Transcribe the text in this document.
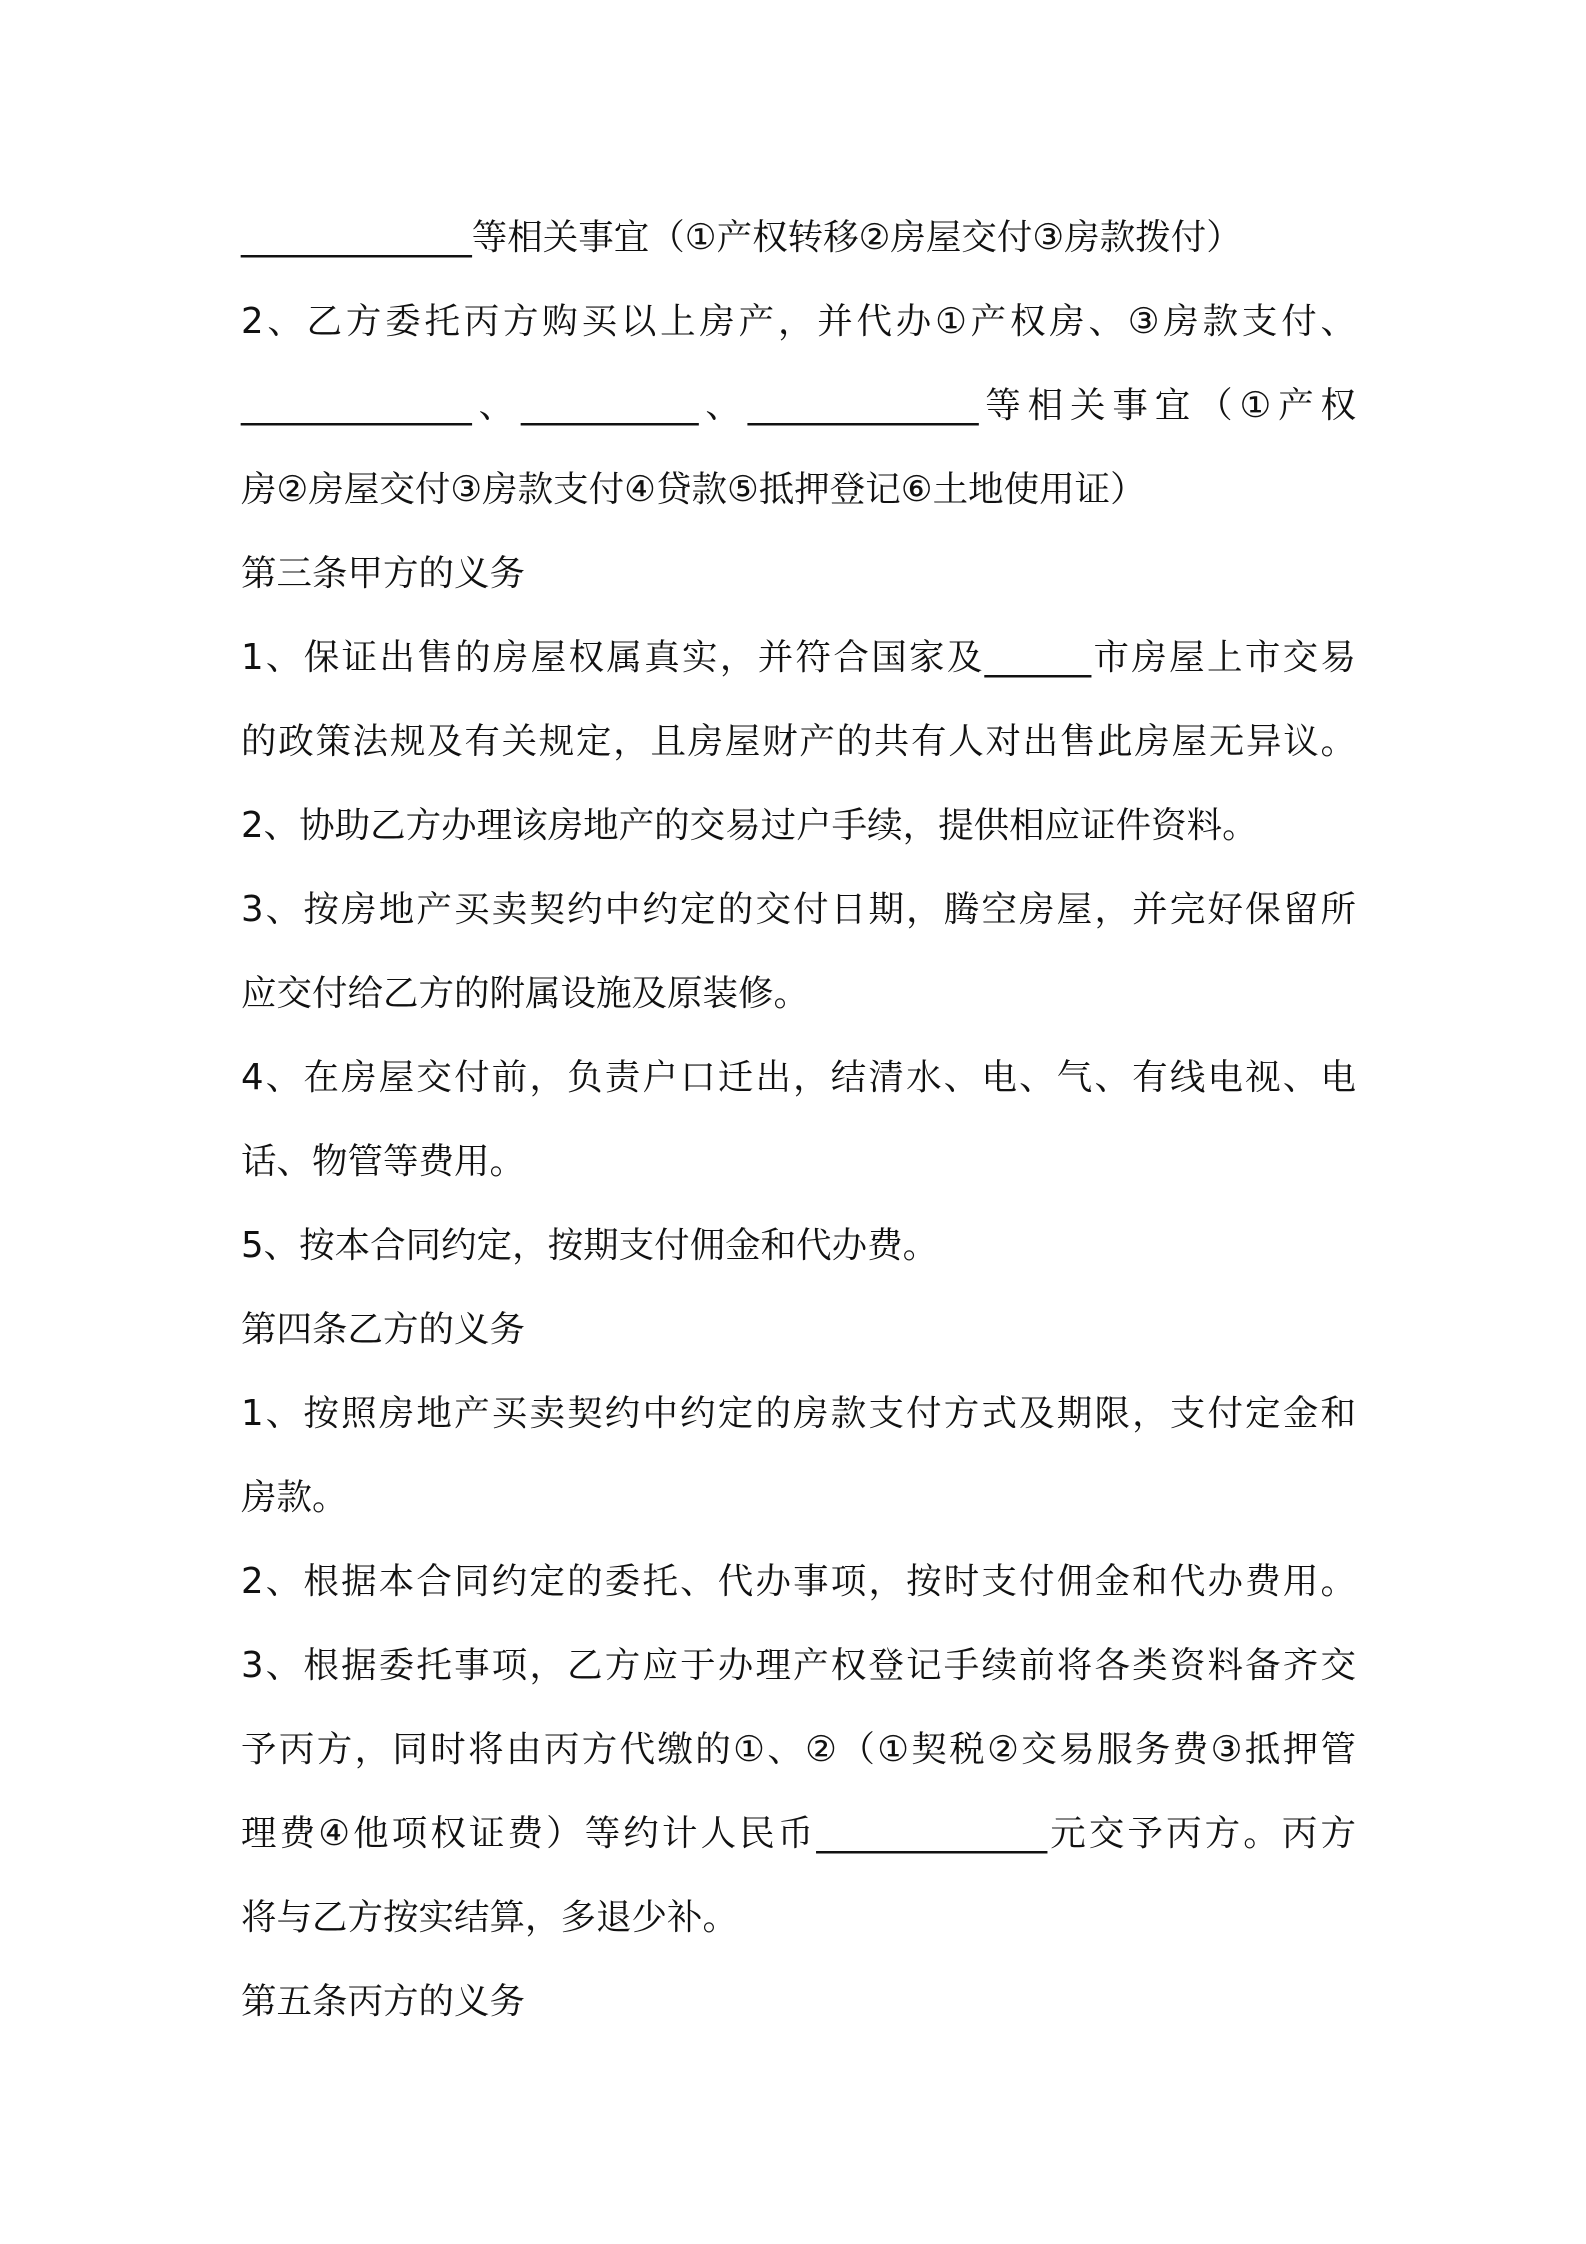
_____________等相关事宜（①产权转移②房屋交付③房款拨付）
2、乙方委托丙方购买以上房产，并代办①产权房、③房款支付、
_____________、__________、_____________等相关事宜（①产权
房②房屋交付③房款支付④贷款⑤抵押登记⑥土地使用证）
第三条甲方的义务
1、保证出售的房屋权属真实，并符合国家及______市房屋上市交易
的政策法规及有关规定，且房屋财产的共有人对出售此房屋无异议。
2、协助乙方办理该房地产的交易过户手续，提供相应证件资料。
3、按房地产买卖契约中约定的交付日期，腾空房屋，并完好保留所
应交付给乙方的附属设施及原装修。
4、在房屋交付前，负责户口迁出，结清水、电、气、有线电视、电
话、物管等费用。
5、按本合同约定，按期支付佣金和代办费。
第四条乙方的义务
1、按照房地产买卖契约中约定的房款支付方式及期限，支付定金和
房款。
2、根据本合同约定的委托、代办事项，按时支付佣金和代办费用。
3、根据委托事项，乙方应于办理产权登记手续前将各类资料备齐交
予丙方，同时将由丙方代缴的①、②（①契税②交易服务费③抵押管
理费④他项权证费）等约计人民币_____________元交予丙方。丙方
将与乙方按实结算，多退少补。
第五条丙方的义务
